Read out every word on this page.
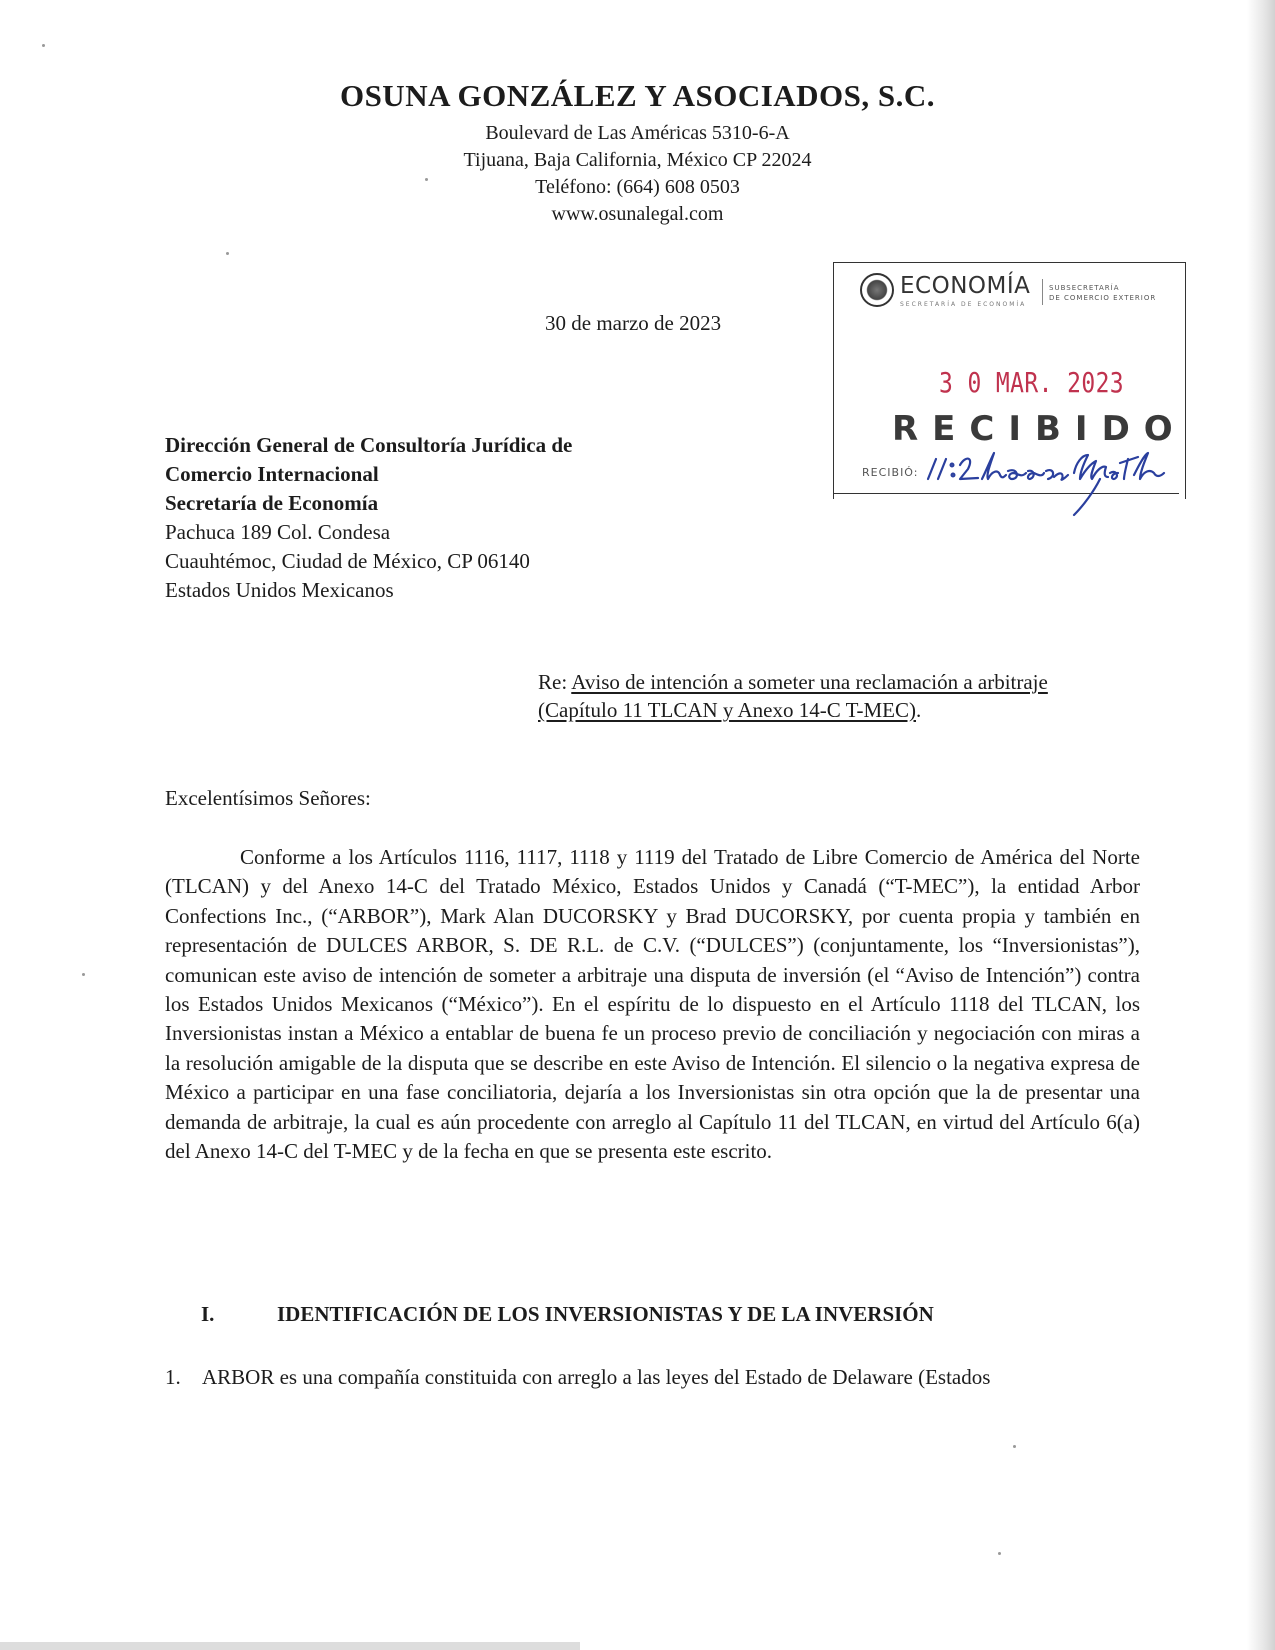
OSUNA GONZÁLEZ Y ASOCIADOS, S.C.
Boulevard de Las Américas 5310-6-A
Tijuana, Baja California, México CP 22024
Teléfono: (664) 608 0503
www.osunalegal.com
30 de marzo de 2023
ECONOMÍA
SECRETARÍA DE ECONOMÍA
SUBSECRETARÍA
DE COMERCIO EXTERIOR
3 0 MAR. 2023
RECIBIDO
RECIBIÓ:
Dirección General de Consultoría Jurídica de
Comercio Internacional
Secretaría de Economía
Pachuca 189 Col. Condesa
Cuauhtémoc, Ciudad de México, CP 06140
Estados Unidos Mexicanos
Re: Aviso de intención a someter una reclamación a arbitraje
(Capítulo 11 TLCAN y Anexo 14-C T-MEC).
Excelentísimos Señores:

Conforme a los Artículos 1116, 1117, 1118 y 1119 del Tratado de Libre Comercio de América del Norte (TLCAN) y del Anexo 14-C del Tratado México, Estados Unidos y Canadá (“T-MEC”), la entidad Arbor Confections Inc., (“ARBOR”), Mark Alan DUCORSKY y Brad DUCORSKY, por cuenta propia y también en representación de DULCES ARBOR, S. DE R.L. de C.V. (“DULCES”) (conjuntamente, los “Inversionistas”), comunican este aviso de intención de someter a arbitraje una disputa de inversión (el “Aviso de Intención”) contra los Estados Unidos Mexicanos (“México”). En el espíritu de lo dispuesto en el Artículo 1118 del TLCAN, los Inversionistas instan a México a entablar de buena fe un proceso previo de conciliación y negociación con miras a la resolución amigable de la disputa que se describe en este Aviso de Intención. El silencio o la negativa expresa de México a participar en una fase conciliatoria, dejaría a los Inversionistas sin otra opción que la de presentar una demanda de arbitraje, la cual es aún procedente con arreglo al Capítulo 11 del TLCAN, en virtud del Artículo 6(a) del Anexo 14-C del T-MEC y de la fecha en que se presenta este escrito.

I.	IDENTIFICACIÓN DE LOS INVERSIONISTAS Y DE LA INVERSIÓN
1. ARBOR es una compañía constituida con arreglo a las leyes del Estado de Delaware (Estados
